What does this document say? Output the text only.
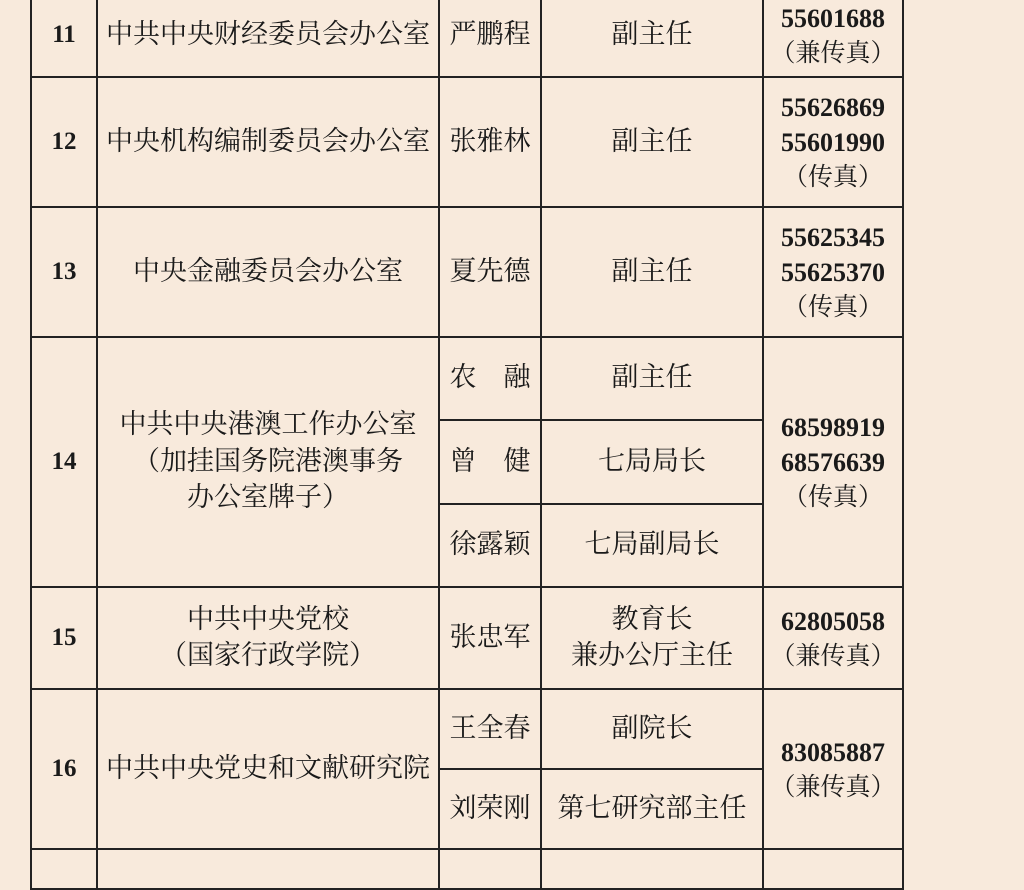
11	中共中央财经委员会办公室	严鹏程	副主任	55601688
（兼传真）

12	中央机构编制委员会办公室	张雅林	副主任	55626869
55601990
（传真）

13	中央金融委员会办公室	夏先德	副主任	55625345
55625370
（传真）

14	中共中央港澳工作办公室
（加挂国务院港澳事务
办公室牌子）	农　融	副主任	68598919
68576639
（传真）

		曾　健	七局局长	

		徐露颖	七局副局长	

15	中共中央党校
（国家行政学院）	张忠军	教育长
兼办公厅主任	62805058
（兼传真）

16	中共中央党史和文献研究院	王全春	副院长	83085887
（兼传真）

		刘荣刚	第七研究部主任	
